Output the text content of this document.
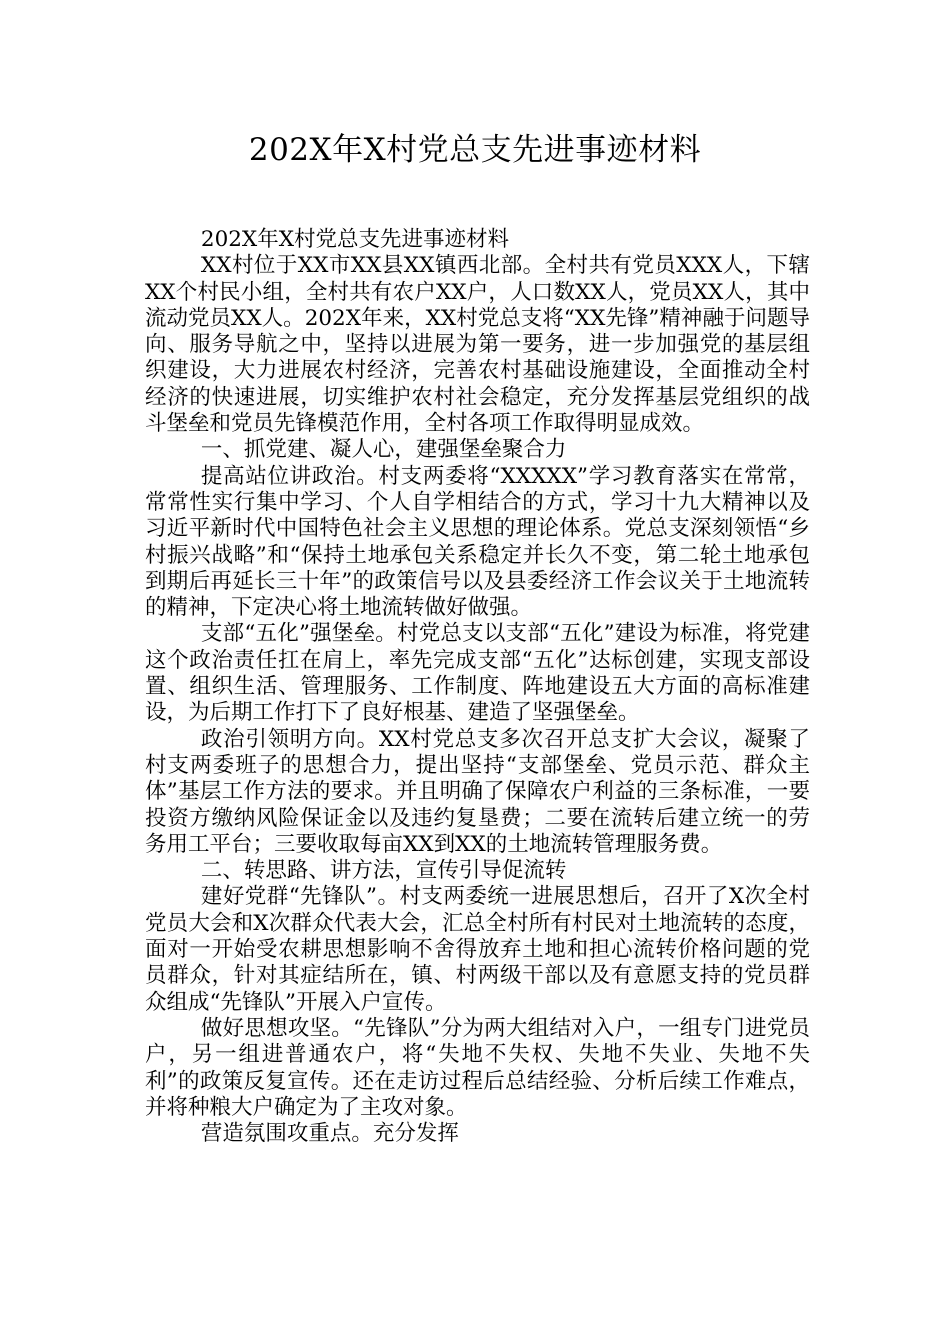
202X年X村党总支先进事迹材料

202X年X村党总支先进事迹材料

XX村位于XX市XX县XX镇西北部。全村共有党员XXX人，下辖XX个村民小组，全村共有农户XX户，人口数XX人，党员XX人，其中流动党员XX人。202X年来，XX村党总支将“XX先锋”精神融于问题导向、服务导航之中，坚持以进展为第一要务，进一步加强党的基层组织建设，大力进展农村经济，完善农村基础设施建设，全面推动全村经济的快速进展，切实维护农村社会稳定，充分发挥基层党组织的战斗堡垒和党员先锋模范作用，全村各项工作取得明显成效。

一、抓党建、凝人心，建强堡垒聚合力

提高站位讲政治。村支两委将“XXXXX”学习教育落实在常常，常常性实行集中学习、个人自学相结合的方式，学习十九大精神以及习近平新时代中国特色社会主义思想的理论体系。党总支深刻领悟“乡村振兴战略”和“保持土地承包关系稳定并长久不变，第二轮土地承包到期后再延长三十年”的政策信号以及县委经济工作会议关于土地流转的精神，下定决心将土地流转做好做强。

支部“五化”强堡垒。村党总支以支部“五化”建设为标准，将党建这个政治责任扛在肩上，率先完成支部“五化”达标创建，实现支部设置、组织生活、管理服务、工作制度、阵地建设五大方面的高标准建设，为后期工作打下了良好根基、建造了坚强堡垒。

政治引领明方向。XX村党总支多次召开总支扩大会议，凝聚了村支两委班子的思想合力，提出坚持“支部堡垒、党员示范、群众主体”基层工作方法的要求。并且明确了保障农户利益的三条标准，一要投资方缴纳风险保证金以及违约复垦费；二要在流转后建立统一的劳务用工平台；三要收取每亩XX到XX的土地流转管理服务费。

二、转思路、讲方法，宣传引导促流转

建好党群“先锋队”。村支两委统一进展思想后，召开了X次全村党员大会和X次群众代表大会，汇总全村所有村民对土地流转的态度，面对一开始受农耕思想影响不舍得放弃土地和担心流转价格问题的党员群众，针对其症结所在，镇、村两级干部以及有意愿支持的党员群众组成“先锋队”开展入户宣传。

做好思想攻坚。“先锋队”分为两大组结对入户，一组专门进党员户，另一组进普通农户，将“失地不失权、失地不失业、失地不失利”的政策反复宣传。还在走访过程后总结经验、分析后续工作难点，并将种粮大户确定为了主攻对象。

营造氛围攻重点。充分发挥
